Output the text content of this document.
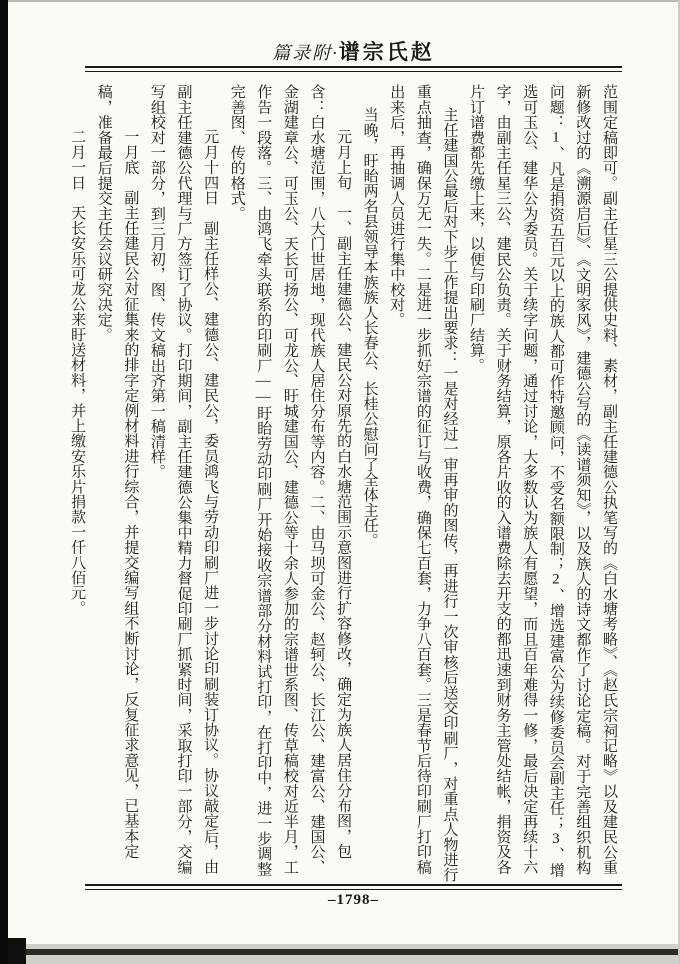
篇录附·谱宗氏赵

范围定稿即可。副主任星三公提供史料、素材，副主任建德公执笔写的《白水塘考略》、《赵氏宗祠记略》以及建民公重新修改过的《溯源启后》、《文明家风》，建德公写的《读谱须知》，以及族人的诗文都作了讨论定稿。对于完善组织机构问题：1、凡是捐资五百元以上的族人都可作特邀顾问，不受名额限制；2、增选建富公为续修委员会副主任；3、增选可玉公、建华公为委员。关于续字问题，通过讨论，大多数认为族人有愿望，而且百年难得一修，最后决定再续十六字，由副主任星三公、建民公负责。关于财务结算，原各片收的入谱费除去开支的都迅速到财务主管处结帐，捐资及各片订谱费都先缴上来，以便与印刷厂结算。

主任建国公最后对下步工作提出要求：一是对经过一审再审的图传，再进行一次审核后送交印刷厂，对重点人物进行重点抽查，确保万无一失。二是进一步抓好宗谱的征订与收费，确保七百套，力争八百套。三是春节后待印刷厂打印稿出来后，再抽调人员进行集中校对。

当晚，盱眙两名县领导本族族人长春公、长桂公慰问了全体主任。

元月上旬　一、副主任建德公、建民公对原先的白水塘范围示意图进行扩容修改，确定为族人居住分布图，包含：白水塘范围，八大门世居地，现代族人居住分布等内容。二、由马坝可金公、赵轲公、长江公、建富公、建国公、金湖建章公、可玉公、天长可扬公、可龙公、盱城建国公、建德公等十余人参加的宗谱世系图、传草稿校对近半月，工作告一段落。三、由鸿飞牵头联系的印刷厂——盱眙劳动印刷厂开始接收宗谱部分材料试打印，在打印中，进一步调整完善图、传的格式。

元月十四日　副主任样公、建德公、建民公，委员鸿飞与劳动印刷厂进一步讨论印刷装订协议。协议敲定后，由副主任建德公代理与厂方签订了协议。打印期间，副主任建德公集中精力督促印刷厂抓紧时间，采取打印一部分，交编写组校对一部分，到三月初，图、传文稿出齐第一稿清样。

一月底　副主任建民公对征集来的排字定例材料进行综合，并提交编写组不断讨论，反复征求意见，已基本定稿，准备最后提交主任会议研究决定。

二月一日　天长安乐可龙公来盱送材料，并上缴安乐片捐款一仟八佰元。

–1798–
